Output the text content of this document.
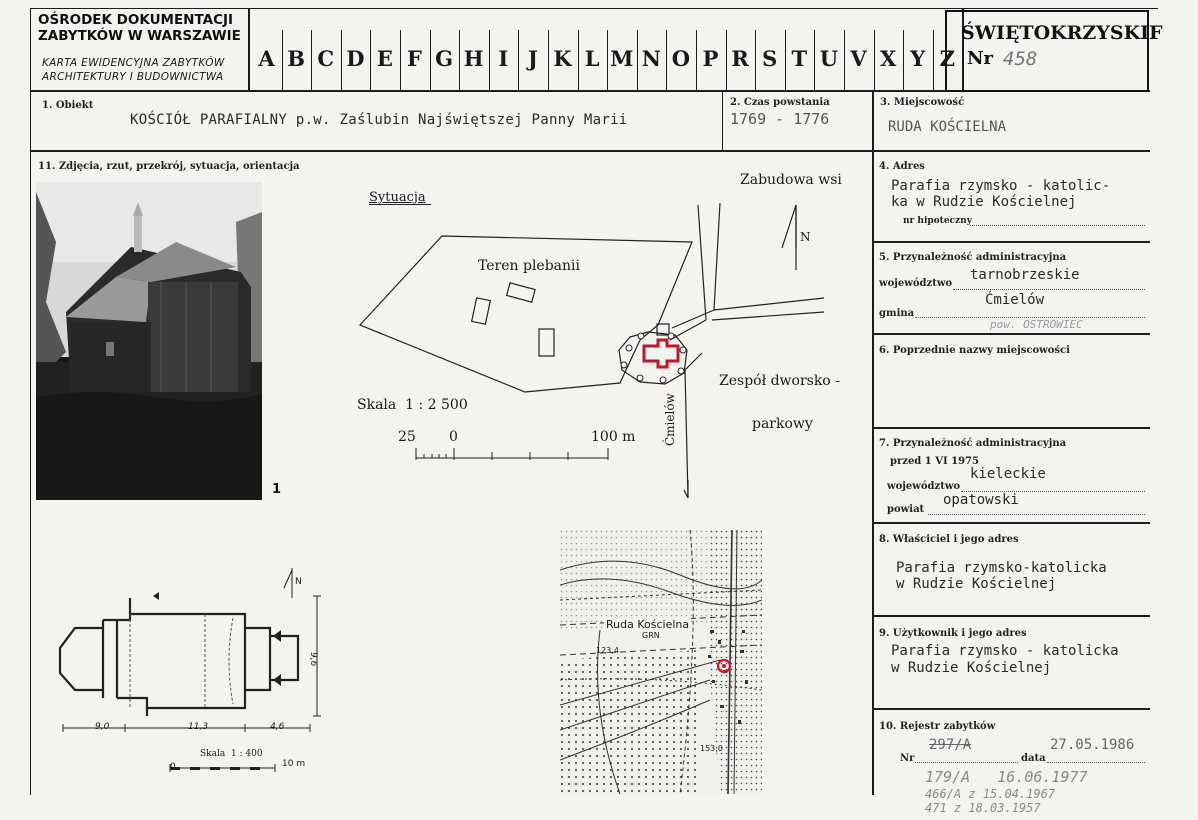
OŚRODEK DOKUMENTACJI
ZABYTKÓW W WARSZAWIE
KARTA EWIDENCYJNA ZABYTKÓW
ARCHITEKTURY I BUDOWNICTWA
A B C D E F G H I J K L M N O P R S T U V X Y Z
ŚWIĘTOKRZYSKIF
Nr 458
1. Obiekt
KOŚCIÓŁ PARAFIALNY p.w. Zaślubin Najświętszej Panny Marii
2. Czas powstania
1769 - 1776
3. Miejscowość
RUDA KOŚCIELNA
11. Zdjęcia, rzut, przekrój, sytuacja, orientacja
1
Sytuacja
Zabudowa wsi
Teren plebanii
Zespół dworsko -
parkowy
Ćmielów
N
Skala  1 : 2 500
25 0	100 m
9,0	11,3	4,6
9,6
N
Skala  1 : 400
0	10 m
Ruda Kościelna
GRN
123,4
153,0
4. Adres
Parafia rzymsko - katolic-
ka w Rudzie Kościelnej
nr hipoteczny
5. Przynależność administracyjna
województwo
tarnobrzeskie
gmina
Ćmielów
pow. OSTROWIEC
6. Poprzednie nazwy miejscowości
7. Przynależność administracyjna
przed 1 VI 1975
kieleckie
województwo
opatowski
powiat
8. Właściciel i jego adres
Parafia rzymsko-katolicka
w Rudzie Kościelnej
9. Użytkownik i jego adres
Parafia rzymsko - katolicka
w Rudzie Kościelnej
10. Rejestr zabytków
297/A	27.05.1986
Nr	data
179/A   16.06.1977
466/A z 15.04.1967
471 z 18.03.1957
